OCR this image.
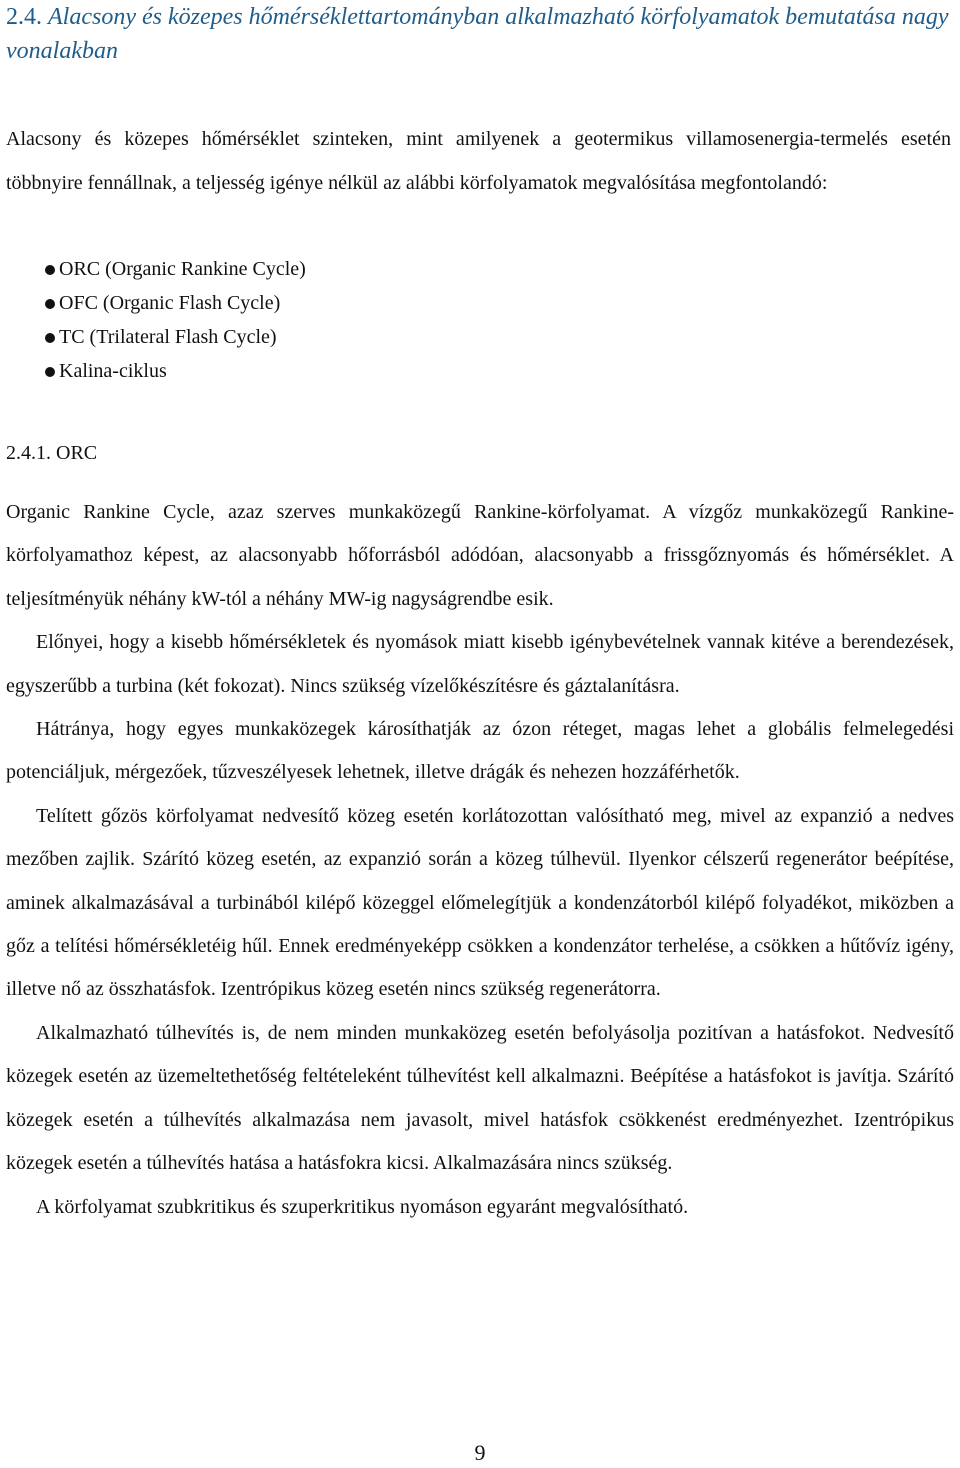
2.4. Alacsony és közepes hőmérséklettartományban alkalmazható körfolyamatok bemutatása nagy vonalakban
Alacsony és közepes hőmérséklet szinteken, mint amilyenek a geotermikus villamosenergia-termelés esetén többnyire fennállnak, a teljesség igénye nélkül az alábbi körfolyamatok megvalósítása megfontolandó:
ORC (Organic Rankine Cycle)
OFC (Organic Flash Cycle)
TC (Trilateral Flash Cycle)
Kalina-ciklus
2.4.1. ORC

Organic Rankine Cycle, azaz szerves munkaközegű Rankine-körfolyamat. A vízgőz munkaközegű Rankine-körfolyamathoz képest, az alacsonyabb hőforrásból adódóan, alacsonyabb a frissgőznyomás és hőmérséklet. A teljesítményük néhány kW-tól a néhány MW-ig nagyságrendbe esik.

Előnyei, hogy a kisebb hőmérsékletek és nyomások miatt kisebb igénybevételnek vannak kitéve a berendezések, egyszerűbb a turbina (két fokozat). Nincs szükség vízelőkészítésre és gáztalanításra.

Hátránya, hogy egyes munkaközegek károsíthatják az ózon réteget, magas lehet a globális felmelegedési potenciáljuk, mérgezőek, tűzveszélyesek lehetnek, illetve drágák és nehezen hozzáférhetők.

Telített gőzös körfolyamat nedvesítő közeg esetén korlátozottan valósítható meg, mivel az expanzió a nedves mezőben zajlik. Szárító közeg esetén, az expanzió során a közeg túlhevül. Ilyenkor célszerű regenerátor beépítése, aminek alkalmazásával a turbinából kilépő közeggel előmelegítjük a kondenzátorból kilépő folyadékot, miközben a gőz a telítési hőmérsékletéig hűl. Ennek eredményeképp csökken a kondenzátor terhelése, a csökken a hűtővíz igény, illetve nő az összhatásfok. Izentrópikus közeg esetén nincs szükség regenerátorra.

Alkalmazható túlhevítés is, de nem minden munkaközeg esetén befolyásolja pozitívan a hatásfokot. Nedvesítő közegek esetén az üzemeltethetőség feltételeként túlhevítést kell alkalmazni. Beépítése a hatásfokot is javítja. Szárító közegek esetén a túlhevítés alkalmazása nem javasolt, mivel hatásfok csökkenést eredményezhet. Izentrópikus közegek esetén a túlhevítés hatása a hatásfokra kicsi. Alkalmazására nincs szükség.

A körfolyamat szubkritikus és szuperkritikus nyomáson egyaránt megvalósítható.

9
